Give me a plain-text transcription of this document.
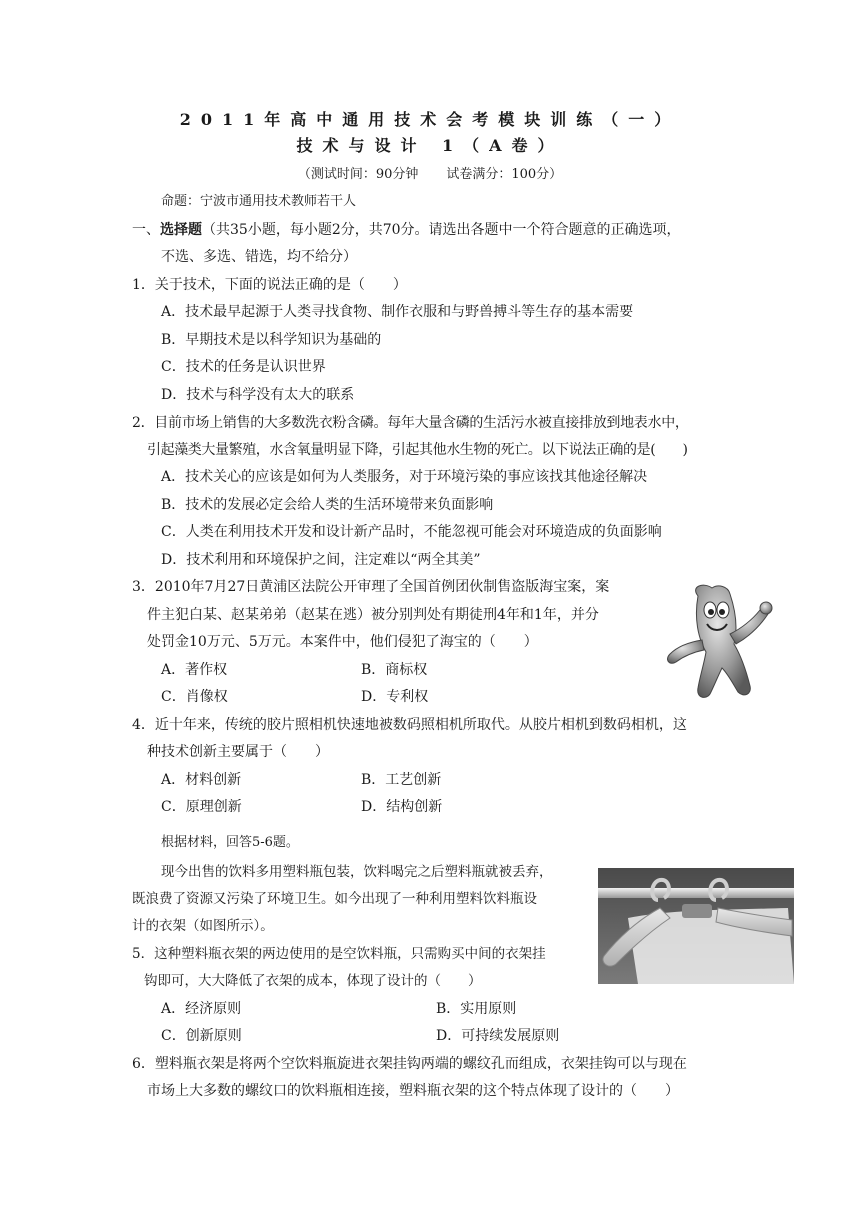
2011年高中通用技术会考模块训练（一）
技术与设计 1（A卷）
（测试时间：90分钟 试卷满分：100分）
命题：宁波市通用技术教师若干人
一、选择题（共35小题，每小题2分，共70分。请选出各题中一个符合题意的正确选项，
不选、多选、错选，均不给分）
1．关于技术，下面的说法正确的是（　　）
A．技术最早起源于人类寻找食物、制作衣服和与野兽搏斗等生存的基本需要
B．早期技术是以科学知识为基础的
C．技术的任务是认识世界
D．技术与科学没有太大的联系
2．目前市场上销售的大多数洗衣粉含磷。每年大量含磷的生活污水被直接排放到地表水中，
引起藻类大量繁殖，水含氧量明显下降，引起其他水生物的死亡。以下说法正确的是(　　)
A．技术关心的应该是如何为人类服务，对于环境污染的事应该找其他途径解决
B．技术的发展必定会给人类的生活环境带来负面影响
C．人类在利用技术开发和设计新产品时，不能忽视可能会对环境造成的负面影响
D．技术利用和环境保护之间，注定难以“两全其美”
3．2010年7月27日黄浦区法院公开审理了全国首例团伙制售盗版海宝案，案
件主犯白某、赵某弟弟（赵某在逃）被分别判处有期徒刑4年和1年，并分
处罚金10万元、5万元。本案件中，他们侵犯了海宝的（　　）
A．著作权	B．商标权
C．肖像权	D．专利权
4．近十年来，传统的胶片照相机快速地被数码照相机所取代。从胶片相机到数码相机，这
种技术创新主要属于（　　）
A．材料创新	B．工艺创新
C．原理创新	D．结构创新
根据材料，回答5-6题。
现今出售的饮料多用塑料瓶包装，饮料喝完之后塑料瓶就被丢弃，
既浪费了资源又污染了环境卫生。如今出现了一种利用塑料饮料瓶设
计的衣架（如图所示）。
5．这种塑料瓶衣架的两边使用的是空饮料瓶，只需购买中间的衣架挂
钩即可，大大降低了衣架的成本，体现了设计的（　　）
A．经济原则	B．实用原则
C．创新原则	D．可持续发展原则
6．塑料瓶衣架是将两个空饮料瓶旋进衣架挂钩两端的螺纹孔而组成，衣架挂钩可以与现在
市场上大多数的螺纹口的饮料瓶相连接，塑料瓶衣架的这个特点体现了设计的（　　）
